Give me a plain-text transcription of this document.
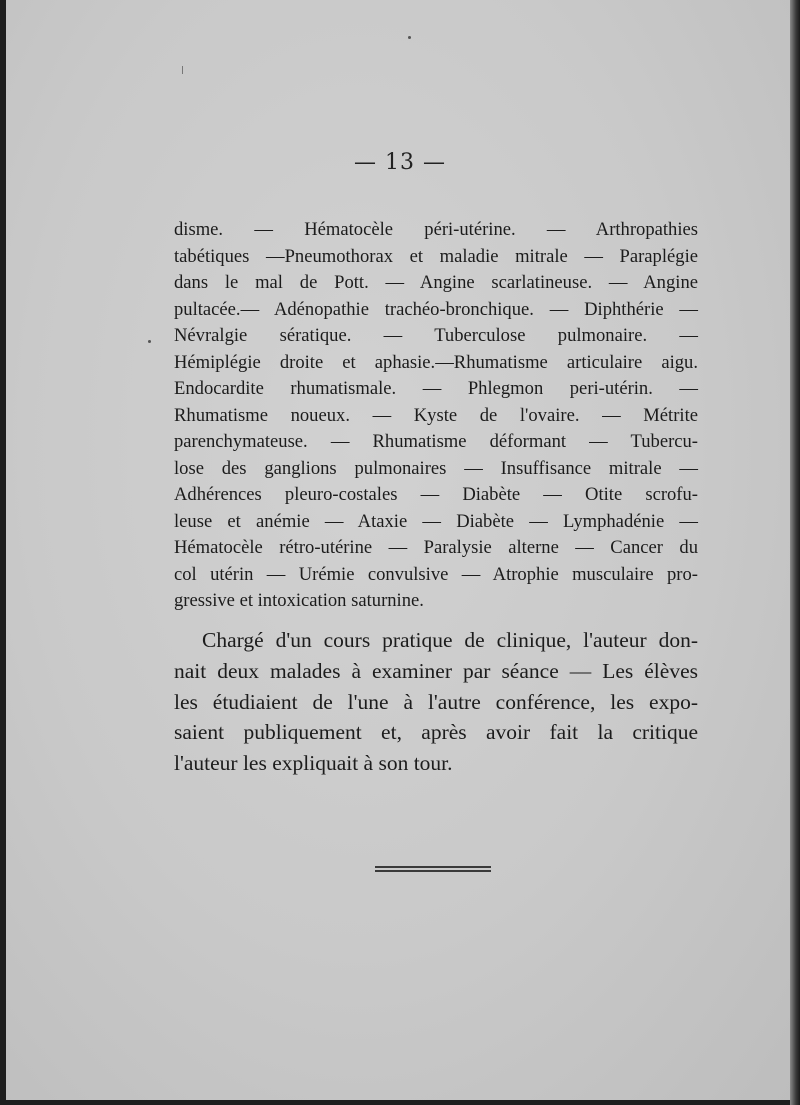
— 13 —
disme. — Hématocèle péri-utérine. — Arthropathies
tabétiques —Pneumothorax et maladie mitrale — Paraplégie
dans le mal de Pott. — Angine scarlatineuse. — Angine
pultacée.— Adénopathie trachéo-bronchique. — Diphthérie —
Névralgie sératique. — Tuberculose pulmonaire. —
Hémiplégie droite et aphasie.—Rhumatisme articulaire aigu.
Endocardite rhumatismale. — Phlegmon peri-utérin. —
Rhumatisme noueux. — Kyste de l'ovaire. — Métrite
parenchymateuse. — Rhumatisme déformant — Tubercu-
lose des ganglions pulmonaires — Insuffisance mitrale —
Adhérences pleuro-costales — Diabète — Otite scrofu-
leuse et anémie — Ataxie — Diabète — Lymphadénie —
Hématocèle rétro-utérine — Paralysie alterne — Cancer du
col utérin — Urémie convulsive — Atrophie musculaire pro-
gressive et intoxication saturnine.
Chargé d'un cours pratique de clinique, l'auteur don-
nait deux malades à examiner par séance — Les élèves
les étudiaient de l'une à l'autre conférence, les expo-
saient publiquement et, après avoir fait la critique
l'auteur les expliquait à son tour.
